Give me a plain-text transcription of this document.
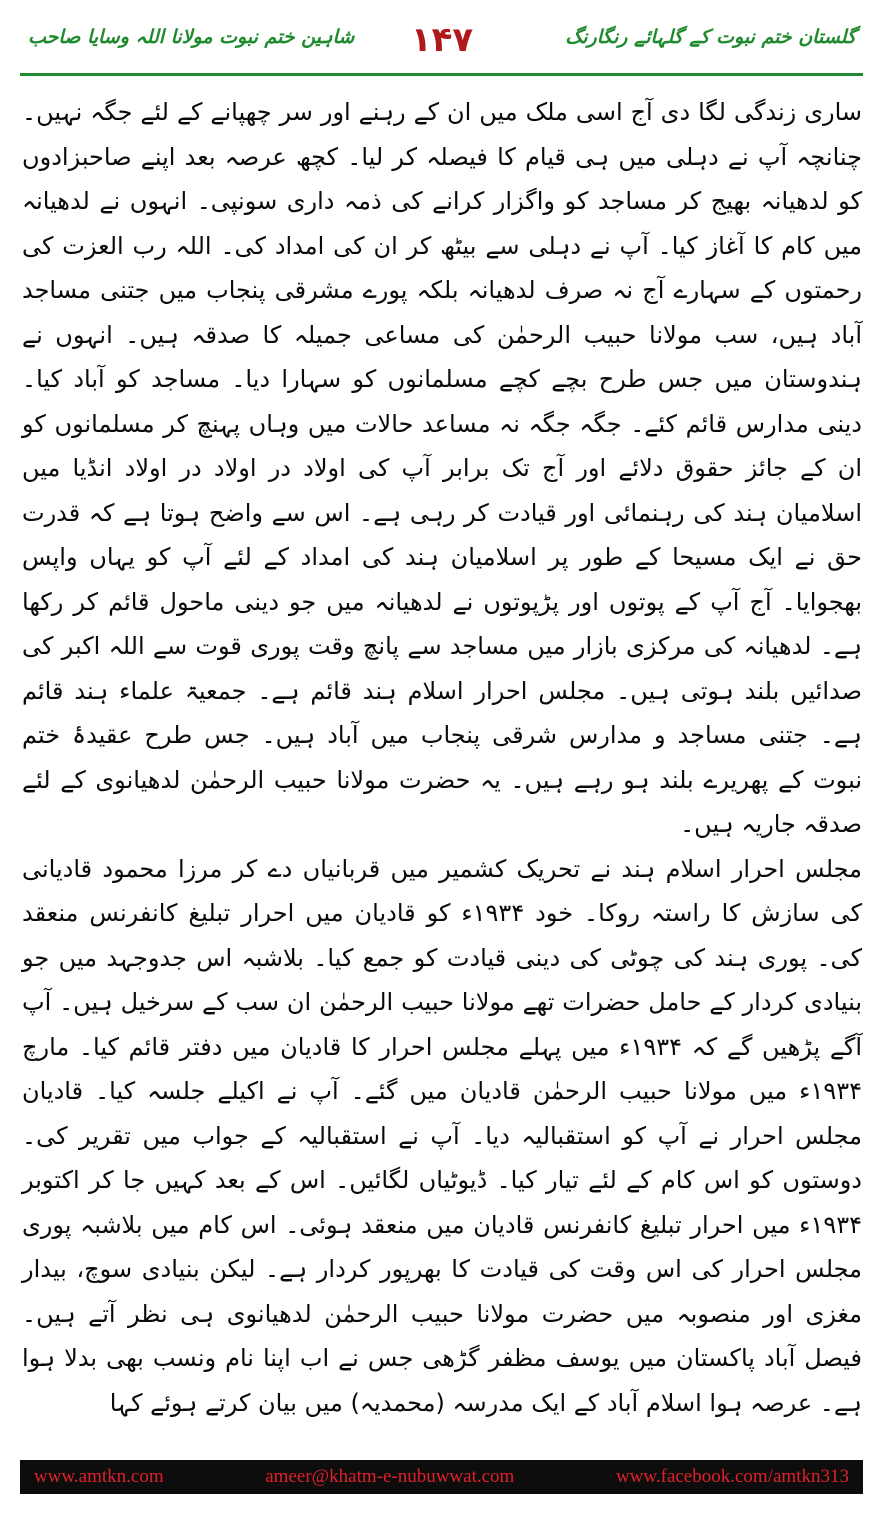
گلستان ختم نبوت کے گلہائے رنگارنگ
۱۴۷
شاہین ختم نبوت مولانا اللہ وسایا صاحب

ساری زندگی لگا دی آج اسی ملک میں ان کے رہنے اور سر چھپانے کے لئے جگہ نہیں۔ چنانچہ آپ نے دہلی میں ہی قیام کا فیصلہ کر لیا۔ کچھ عرصہ بعد اپنے صاحبزادوں کو لدھیانہ بھیج کر مساجد کو واگزار کرانے کی ذمہ داری سونپی۔ انہوں نے لدھیانہ میں کام کا آغاز کیا۔ آپ نے دہلی سے بیٹھ کر ان کی امداد کی۔ اللہ رب العزت کی رحمتوں کے سہارے آج نہ صرف لدھیانہ بلکہ پورے مشرقی پنجاب میں جتنی مساجد آباد ہیں، سب مولانا حبیب الرحمٰن کی مساعی جمیلہ کا صدقہ ہیں۔ انہوں نے ہندوستان میں جس طرح بچے کچے مسلمانوں کو سہارا دیا۔ مساجد کو آباد کیا۔ دینی مدارس قائم کئے۔ جگہ جگہ نہ مساعد حالات میں وہاں پہنچ کر مسلمانوں کو ان کے جائز حقوق دلائے اور آج تک برابر آپ کی اولاد در اولاد در اولاد انڈیا میں اسلامیان ہند کی رہنمائی اور قیادت کر رہی ہے۔ اس سے واضح ہوتا ہے کہ قدرت حق نے ایک مسیحا کے طور پر اسلامیان ہند کی امداد کے لئے آپ کو یہاں واپس بھجوایا۔ آج آپ کے پوتوں اور پڑپوتوں نے لدھیانہ میں جو دینی ماحول قائم کر رکھا ہے۔ لدھیانہ کی مرکزی بازار میں مساجد سے پانچ وقت پوری قوت سے اللہ اکبر کی صدائیں بلند ہوتی ہیں۔ مجلس احرار اسلام ہند قائم ہے۔ جمعیۃ علماء ہند قائم ہے۔ جتنی مساجد و مدارس شرقی پنجاب میں آباد ہیں۔ جس طرح عقیدۂ ختم نبوت کے پھریرے بلند ہو رہے ہیں۔ یہ حضرت مولانا حبیب الرحمٰن لدھیانوی کے لئے صدقہ جاریہ ہیں۔

مجلس احرار اسلام ہند نے تحریک کشمیر میں قربانیاں دے کر مرزا محمود قادیانی کی سازش کا راستہ روکا۔ خود ۱۹۳۴ء کو قادیان میں احرار تبلیغ کانفرنس منعقد کی۔ پوری ہند کی چوٹی کی دینی قیادت کو جمع کیا۔ بلاشبہ اس جدوجہد میں جو بنیادی کردار کے حامل حضرات تھے مولانا حبیب الرحمٰن ان سب کے سرخیل ہیں۔ آپ آگے پڑھیں گے کہ ۱۹۳۴ء میں پہلے مجلس احرار کا قادیان میں دفتر قائم کیا۔ مارچ ۱۹۳۴ء میں مولانا حبیب الرحمٰن قادیان میں گئے۔ آپ نے اکیلے جلسہ کیا۔ قادیان مجلس احرار نے آپ کو استقبالیہ دیا۔ آپ نے استقبالیہ کے جواب میں تقریر کی۔ دوستوں کو اس کام کے لئے تیار کیا۔ ڈیوٹیاں لگائیں۔ اس کے بعد کہیں جا کر اکتوبر ۱۹۳۴ء میں احرار تبلیغ کانفرنس قادیان میں منعقد ہوئی۔ اس کام میں بلاشبہ پوری مجلس احرار کی اس وقت کی قیادت کا بھرپور کردار ہے۔ لیکن بنیادی سوچ، بیدار مغزی اور منصوبہ میں حضرت مولانا حبیب الرحمٰن لدھیانوی ہی نظر آتے ہیں۔ فیصل آباد پاکستان میں یوسف مظفر گڑھی جس نے اب اپنا نام ونسب بھی بدلا ہوا ہے۔ عرصہ ہوا اسلام آباد کے ایک مدرسہ (محمدیہ) میں بیان کرتے ہوئے کہا

www.amtkn.com	ameer@khatm-e-nubuwwat.com	www.facebook.com/amtkn313
